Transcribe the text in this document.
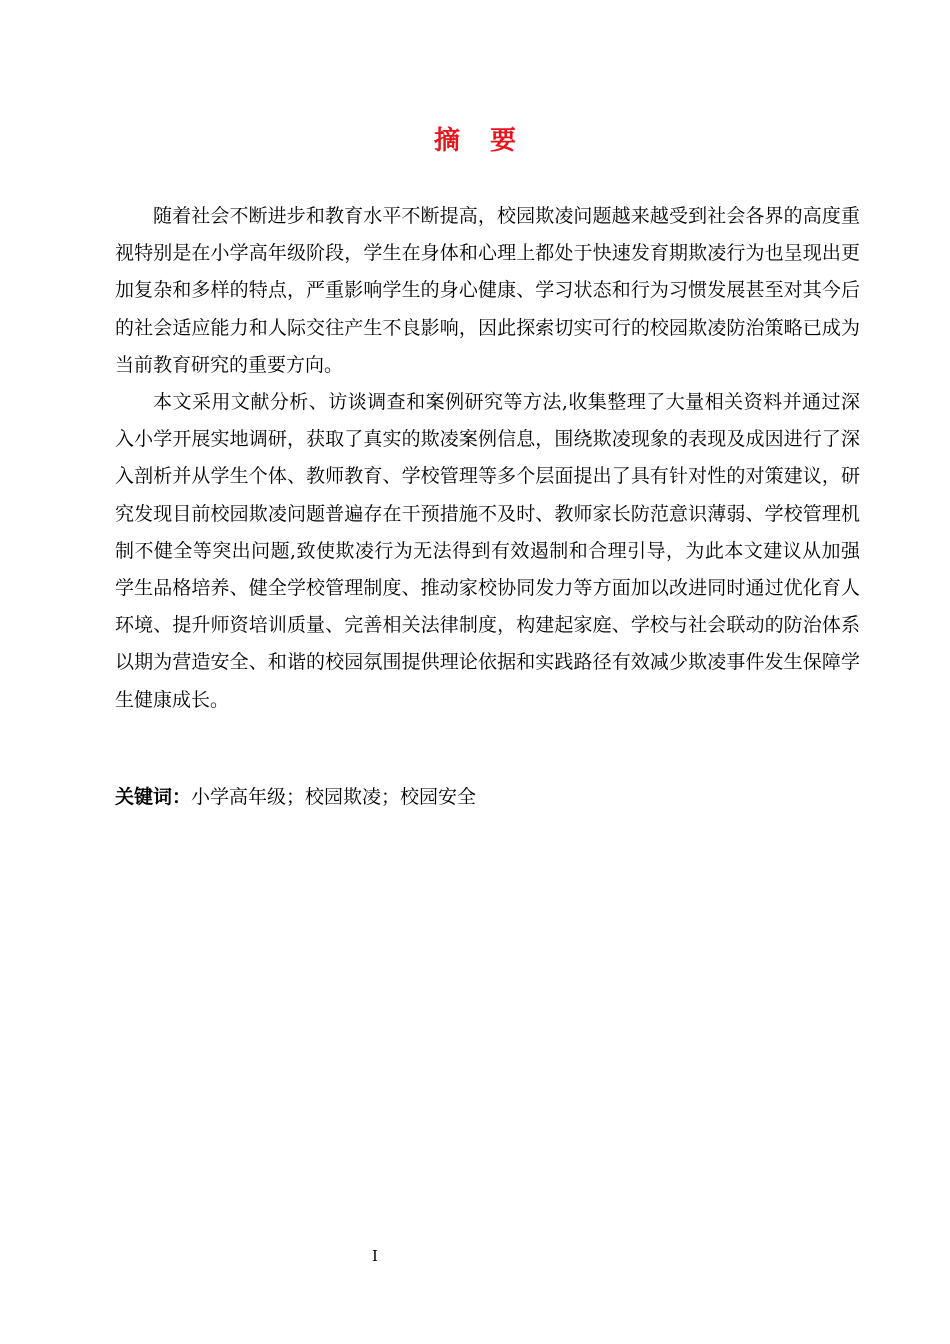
摘要

随着社会不断进步和教育水平不断提高，校园欺凌问题越来越受到社会各界的高度重视特别是在小学高年级阶段，学生在身体和心理上都处于快速发育期欺凌行为也呈现出更加复杂和多样的特点，严重影响学生的身心健康、学习状态和行为习惯发展甚至对其今后的社会适应能力和人际交往产生不良影响，因此探索切实可行的校园欺凌防治策略已成为当前教育研究的重要方向。

本文采用文献分析、访谈调查和案例研究等方法,收集整理了大量相关资料并通过深入小学开展实地调研，获取了真实的欺凌案例信息，围绕欺凌现象的表现及成因进行了深入剖析并从学生个体、教师教育、学校管理等多个层面提出了具有针对性的对策建议，研究发现目前校园欺凌问题普遍存在干预措施不及时、教师家长防范意识薄弱、学校管理机制不健全等突出问题,致使欺凌行为无法得到有效遏制和合理引导，为此本文建议从加强学生品格培养、健全学校管理制度、推动家校协同发力等方面加以改进同时通过优化育人环境、提升师资培训质量、完善相关法律制度，构建起家庭、学校与社会联动的防治体系以期为营造安全、和谐的校园氛围提供理论依据和实践路径有效减少欺凌事件发生保障学生健康成长。

关键词：小学高年级；校园欺凌；校园安全
I
